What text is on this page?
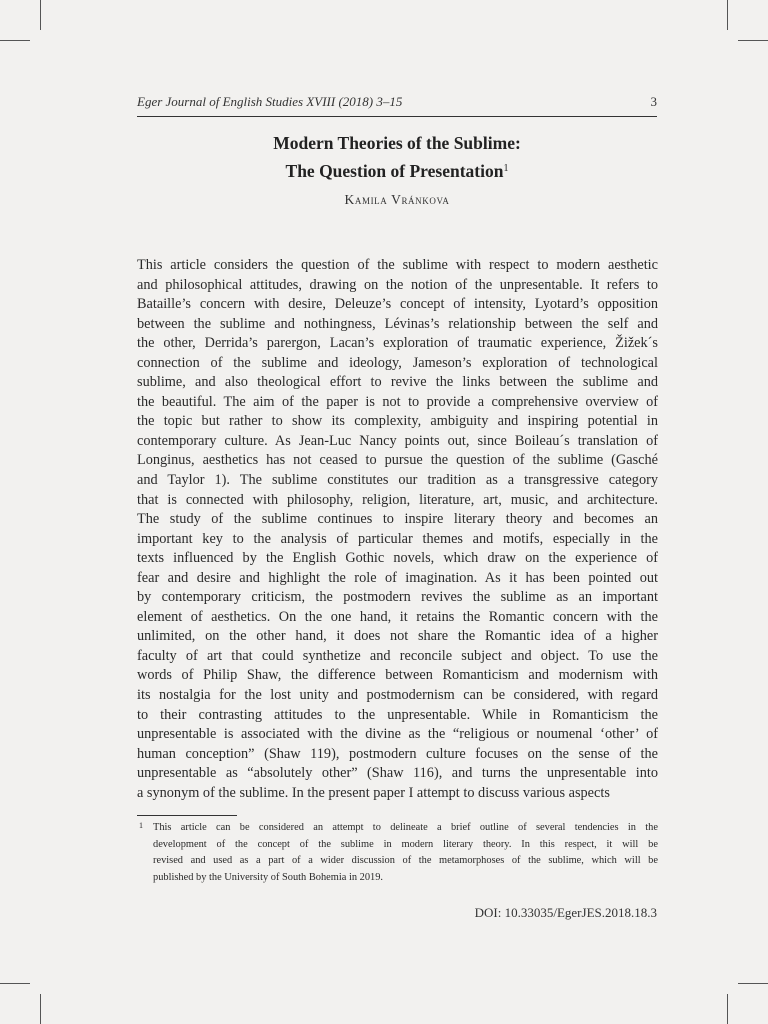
Eger Journal of English Studies XVIII (2018) 3–15	3
Modern Theories of the Sublime:
The Question of Presentation$^1$
Kamila Vránkova
This article considers the question of the sublime with respect to modern aesthetic
and philosophical attitudes, drawing on the notion of the unpresentable. It refers to
Bataille’s concern with desire, Deleuze’s concept of intensity, Lyotard’s opposition
between the sublime and nothingness, Lévinas’s relationship between the self and
the other, Derrida’s parergon, Lacan’s exploration of traumatic experience, Žižek´s
connection of the sublime and ideology, Jameson’s exploration of technological
sublime, and also theological effort to revive the links between the sublime and
the beautiful. The aim of the paper is not to provide a comprehensive overview of
the topic but rather to show its complexity, ambiguity and inspiring potential in
contemporary culture. As Jean-Luc Nancy points out, since Boileau´s translation of
Longinus, aesthetics has not ceased to pursue the question of the sublime (Gasché
and Taylor 1). The sublime constitutes our tradition as a transgressive category
that is connected with philosophy, religion, literature, art, music, and architecture.
The study of the sublime continues to inspire literary theory and becomes an
important key to the analysis of particular themes and motifs, especially in the
texts influenced by the English Gothic novels, which draw on the experience of
fear and desire and highlight the role of imagination. As it has been pointed out
by contemporary criticism, the postmodern revives the sublime as an important
element of aesthetics. On the one hand, it retains the Romantic concern with the
unlimited, on the other hand, it does not share the Romantic idea of a higher
faculty of art that could synthetize and reconcile subject and object. To use the
words of Philip Shaw, the difference between Romanticism and modernism with
its nostalgia for the lost unity and postmodernism can be considered, with regard
to their contrasting attitudes to the unpresentable. While in Romanticism the
unpresentable is associated with the divine as the “religious or noumenal ‘other’ of
human conception” (Shaw 119), postmodern culture focuses on the sense of the
unpresentable as “absolutely other” (Shaw 116), and turns the unpresentable into
a synonym of the sublime. In the present paper I attempt to discuss various aspects
1 This article can be considered an attempt to delineate a brief outline of several tendencies in the
development of the concept of the sublime in modern literary theory. In this respect, it will be
revised and used as a part of a wider discussion of the metamorphoses of the sublime, which will be
published by the University of South Bohemia in 2019.
DOI: 10.33035/EgerJES.2018.18.3
